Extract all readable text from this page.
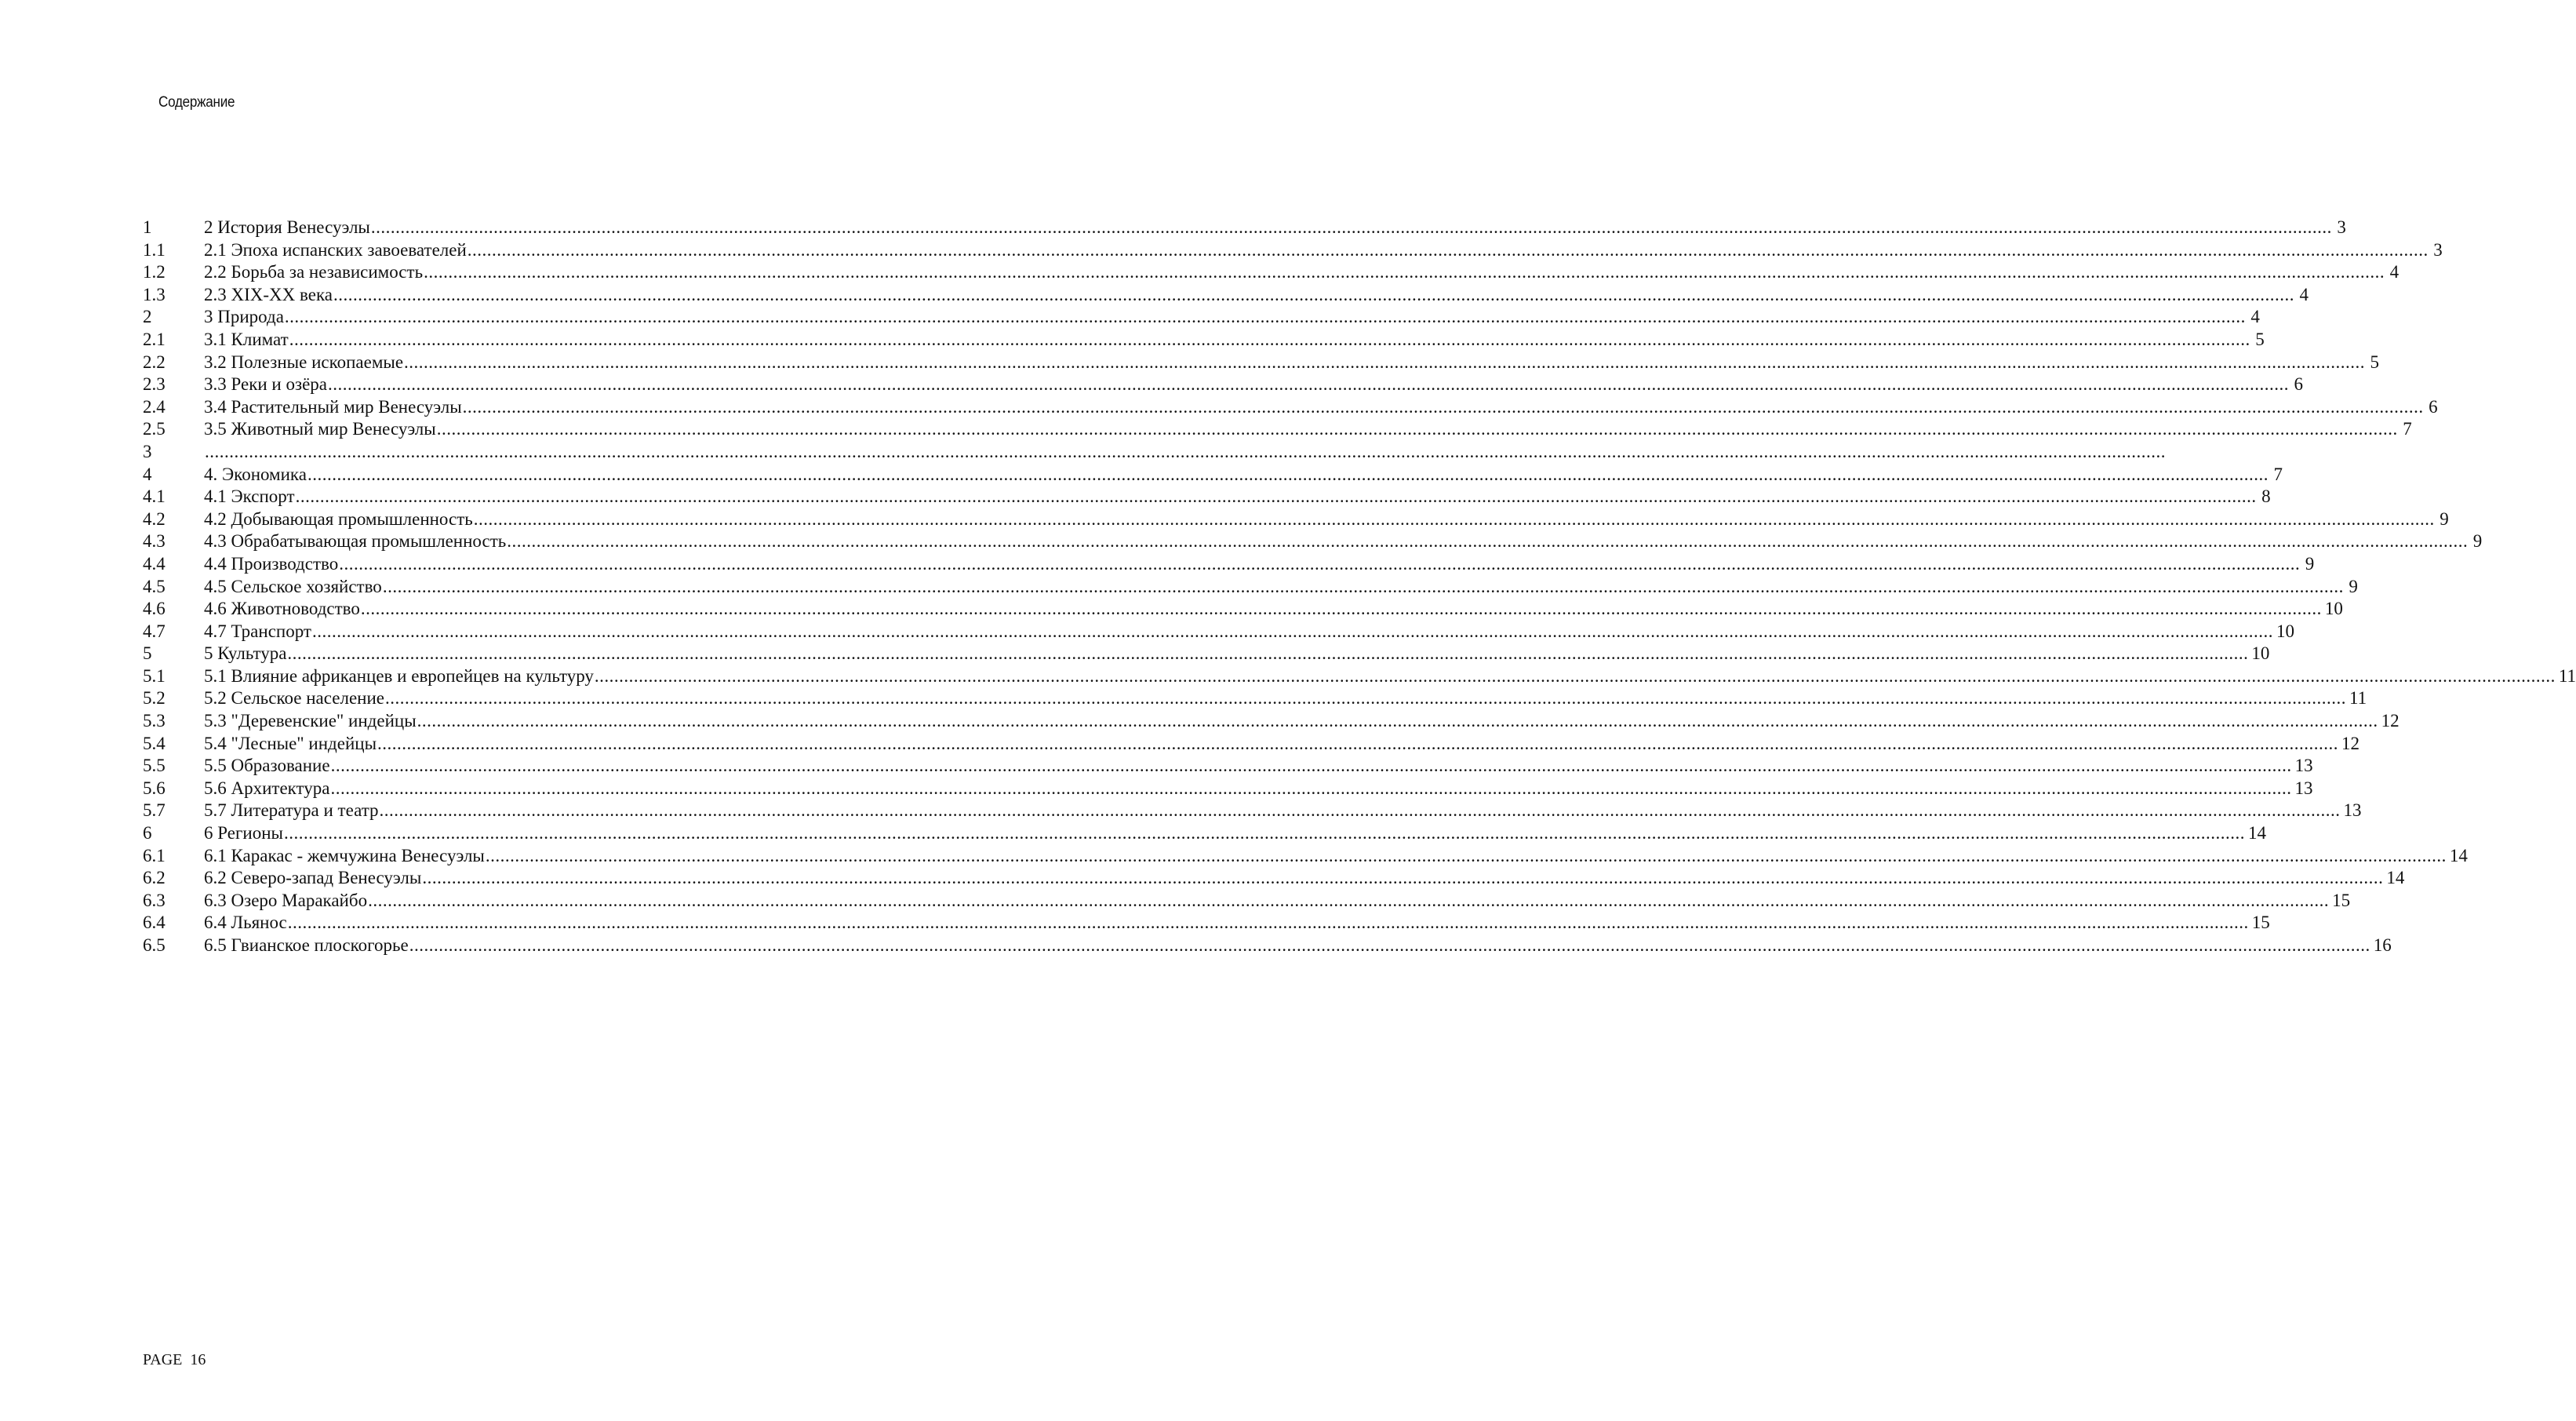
Содержание
1	2 История Венесуэлы ................................................................................................................................................................................................................................................................................................................................................................................................................ 3
1.1	2.1 Эпоха испанских завоевателей ................................................................................................................................................................................................................................................................................................................................................................................................................ 3
1.2	2.2 Борьба за независимость ................................................................................................................................................................................................................................................................................................................................................................................................................ 4
1.3	2.3 XIX-XX века ................................................................................................................................................................................................................................................................................................................................................................................................................ 4
2	3 Природа ................................................................................................................................................................................................................................................................................................................................................................................................................ 4
2.1	3.1 Климат ................................................................................................................................................................................................................................................................................................................................................................................................................ 5
2.2	3.2 Полезные ископаемые ................................................................................................................................................................................................................................................................................................................................................................................................................ 5
2.3	3.3 Реки и озёра ................................................................................................................................................................................................................................................................................................................................................................................................................ 6
2.4	3.4 Растительный мир Венесуэлы ................................................................................................................................................................................................................................................................................................................................................................................................................ 6
2.5	3.5 Животный мир Венесуэлы ................................................................................................................................................................................................................................................................................................................................................................................................................ 7
3	................................................................................................................................................................................................................................................................................................................................................................................................................
4	4. Экономика ................................................................................................................................................................................................................................................................................................................................................................................................................ 7
4.1	4.1 Экспорт ................................................................................................................................................................................................................................................................................................................................................................................................................ 8
4.2	4.2 Добывающая промышленность ................................................................................................................................................................................................................................................................................................................................................................................................................ 9
4.3	4.3 Обрабатывающая промышленность ................................................................................................................................................................................................................................................................................................................................................................................................................ 9
4.4	4.4 Производство ................................................................................................................................................................................................................................................................................................................................................................................................................ 9
4.5	4.5 Сельское хозяйство ................................................................................................................................................................................................................................................................................................................................................................................................................ 9
4.6	4.6 Животноводство ................................................................................................................................................................................................................................................................................................................................................................................................................ 10
4.7	4.7 Транспорт ................................................................................................................................................................................................................................................................................................................................................................................................................ 10
5	5 Культура ................................................................................................................................................................................................................................................................................................................................................................................................................ 10
5.1	5.1 Влияние африканцев и европейцев на культуру ................................................................................................................................................................................................................................................................................................................................................................................................................ 11
5.2	5.2 Сельское население ................................................................................................................................................................................................................................................................................................................................................................................................................ 11
5.3	5.3 "Деревенские" индейцы ................................................................................................................................................................................................................................................................................................................................................................................................................ 12
5.4	5.4 "Лесные" индейцы ................................................................................................................................................................................................................................................................................................................................................................................................................ 12
5.5	5.5 Образование ................................................................................................................................................................................................................................................................................................................................................................................................................ 13
5.6	5.6 Архитектура ................................................................................................................................................................................................................................................................................................................................................................................................................ 13
5.7	5.7 Литература и театр ................................................................................................................................................................................................................................................................................................................................................................................................................ 13
6	6 Регионы ................................................................................................................................................................................................................................................................................................................................................................................................................ 14
6.1	6.1 Каракас - жемчужина Венесуэлы ................................................................................................................................................................................................................................................................................................................................................................................................................ 14
6.2	6.2 Северо-запад Венесуэлы ................................................................................................................................................................................................................................................................................................................................................................................................................ 14
6.3	6.3 Озеро Маракайбо ................................................................................................................................................................................................................................................................................................................................................................................................................ 15
6.4	6.4 Льянос ................................................................................................................................................................................................................................................................................................................................................................................................................ 15
6.5	6.5 Гвианское плоскогорье ................................................................................................................................................................................................................................................................................................................................................................................................................ 16
PAGE 16
